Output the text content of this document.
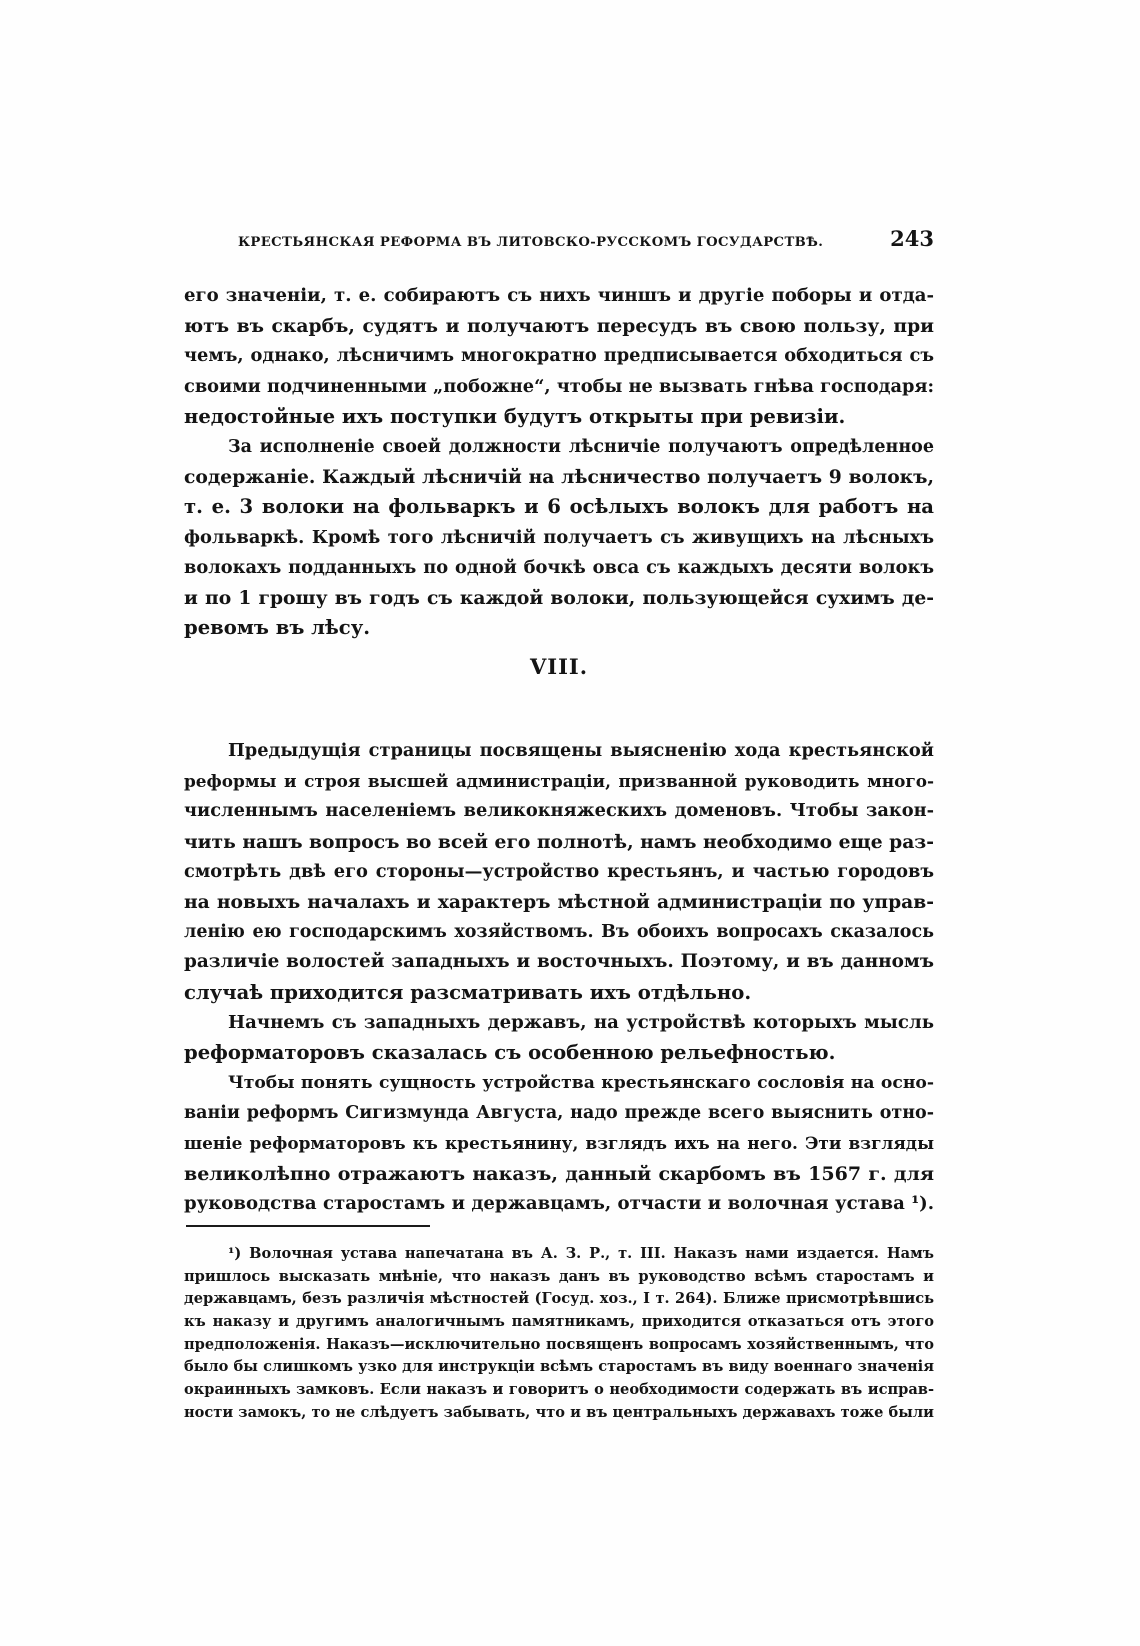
КРЕСТЬЯНСКАЯ РЕФОРМА ВЪ ЛИТОВСКО-РУССКОМЪ ГОСУДАРСТВѢ.	243
его значеніи, т. е. собираютъ съ нихъ чиншъ и другіе поборы и отда-
ютъ въ скарбъ, судятъ и получаютъ пересудъ въ свою пользу, при
чемъ, однако, лѣсничимъ многократно предписывается обходиться съ
своими подчиненными „побожне“, чтобы не вызвать гнѣва господаря:
недостойные ихъ поступки будутъ открыты при ревизіи.
За исполненіе своей должности лѣсничіе получаютъ опредѣленное
содержаніе. Каждый лѣсничій на лѣсничество получаетъ 9 волокъ,
т. е. 3 волоки на фольваркъ и 6 осѣлыхъ волокъ для работъ на
фольваркѣ. Кромѣ того лѣсничій получаетъ съ живущихъ на лѣсныхъ
волокахъ подданныхъ по одной бочкѣ овса съ каждыхъ десяти волокъ
и по 1 грошу въ годъ съ каждой волоки, пользующейся сухимъ де-
ревомъ въ лѣсу.
VIII.
Предыдущія страницы посвящены выясненію хода крестьянской
реформы и строя высшей администраціи, призванной руководить много-
численнымъ населеніемъ великокняжескихъ доменовъ. Чтобы закон-
чить нашъ вопросъ во всей его полнотѣ, намъ необходимо еще раз-
смотрѣть двѣ его стороны—устройство крестьянъ, и частью городовъ
на новыхъ началахъ и характеръ мѣстной администраціи по управ-
ленію ею господарскимъ хозяйствомъ. Въ обоихъ вопросахъ сказалось
различіе волостей западныхъ и восточныхъ. Поэтому, и въ данномъ
случаѣ приходится разсматривать ихъ отдѣльно.
Начнемъ съ западныхъ державъ, на устройствѣ которыхъ мысль
реформаторовъ сказалась съ особенною рельефностью.
Чтобы понять сущность устройства крестьянскаго сословія на осно-
ваніи реформъ Сигизмунда Августа, надо прежде всего выяснить отно-
шеніе реформаторовъ къ крестьянину, взглядъ ихъ на него. Эти взгляды
великолѣпно отражаютъ наказъ, данный скарбомъ въ 1567 г. для
руководства старостамъ и державцамъ, отчасти и волочная устава ¹).
¹) Волочная устава напечатана въ А. З. Р., т. III. Наказъ нами издается. Намъ
пришлось высказать мнѣніе, что наказъ данъ въ руководство всѣмъ старостамъ и
державцамъ, безъ различія мѣстностей (Госуд. хоз., I т. 264). Ближе присмотрѣвшись
къ наказу и другимъ аналогичнымъ памятникамъ, приходится отказаться отъ этого
предположенія. Наказъ—исключительно посвященъ вопросамъ хозяйственнымъ, что
было бы слишкомъ узко для инструкціи всѣмъ старостамъ въ виду военнаго значенія
окраинныхъ замковъ. Если наказъ и говоритъ о необходимости содержать въ исправ-
ности замокъ, то не слѣдуетъ забывать, что и въ центральныхъ державахъ тоже были
